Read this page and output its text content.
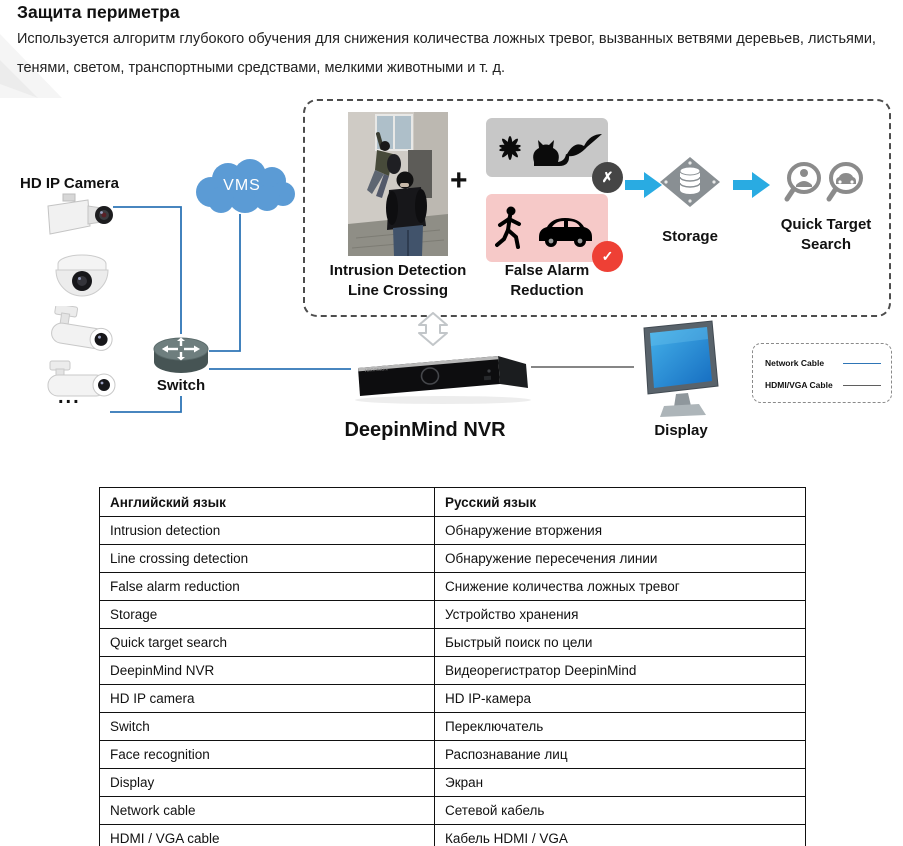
Защита периметра
Используется алгоритм глубокого обучения для снижения количества ложных тревог, вызванных ветвями деревьев, листьями, тенями, светом, транспортными средствами, мелкими животными и т. д.
HD IP Camera
...
VMS
Switch
+	✗
✓
Intrusion Detection
Line Crossing
False Alarm
Reduction
Storage
Quick Target
Search
HIKVISION
DeepinMind NVR	Display
Network Cable
HDMI/VGA Cable
Английский язык	Русский язык
Intrusion detection	Обнаружение вторжения
Line crossing detection	Обнаружение пересечения линии
False alarm reduction	Снижение количества ложных тревог
Storage	Устройство хранения
Quick target search	Быстрый поиск по цели
DeepinMind NVR	Видеорегистратор DeepinMind
HD IP camera	HD IP-камера
Switch	Переключатель
Face recognition	Распознавание лиц
Display	Экран
Network cable	Сетевой кабель
HDMI / VGA cable	Кабель HDMI / VGA
